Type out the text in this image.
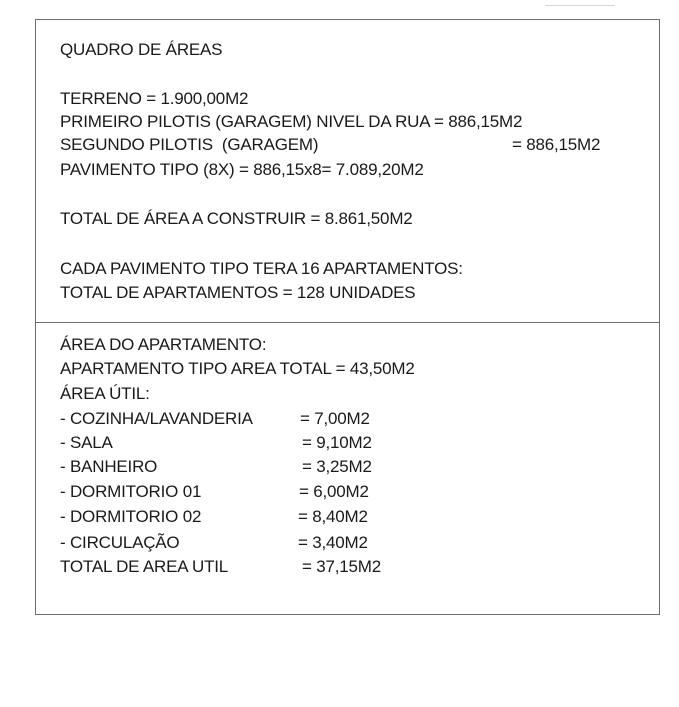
QUADRO DE ÁREAS
TERRENO = 1.900,00M2
PRIMEIRO PILOTIS (GARAGEM) NIVEL DA RUA = 886,15M2
SEGUNDO PILOTIS  (GARAGEM)	= 886,15M2
PAVIMENTO TIPO (8X) = 886,15x8= 7.089,20M2
TOTAL DE ÁREA A CONSTRUIR = 8.861,50M2
CADA PAVIMENTO TIPO TERA 16 APARTAMENTOS:
TOTAL DE APARTAMENTOS = 128 UNIDADES
ÁREA DO APARTAMENTO:
APARTAMENTO TIPO AREA TOTAL = 43,50M2
ÁREA ÚTIL:
- COZINHA/LAVANDERIA	= 7,00M2
- SALA	= 9,10M2
- BANHEIRO	= 3,25M2
- DORMITORIO 01	= 6,00M2
- DORMITORIO 02	= 8,40M2
- CIRCULAÇÃO	= 3,40M2
TOTAL DE AREA UTIL	= 37,15M2
